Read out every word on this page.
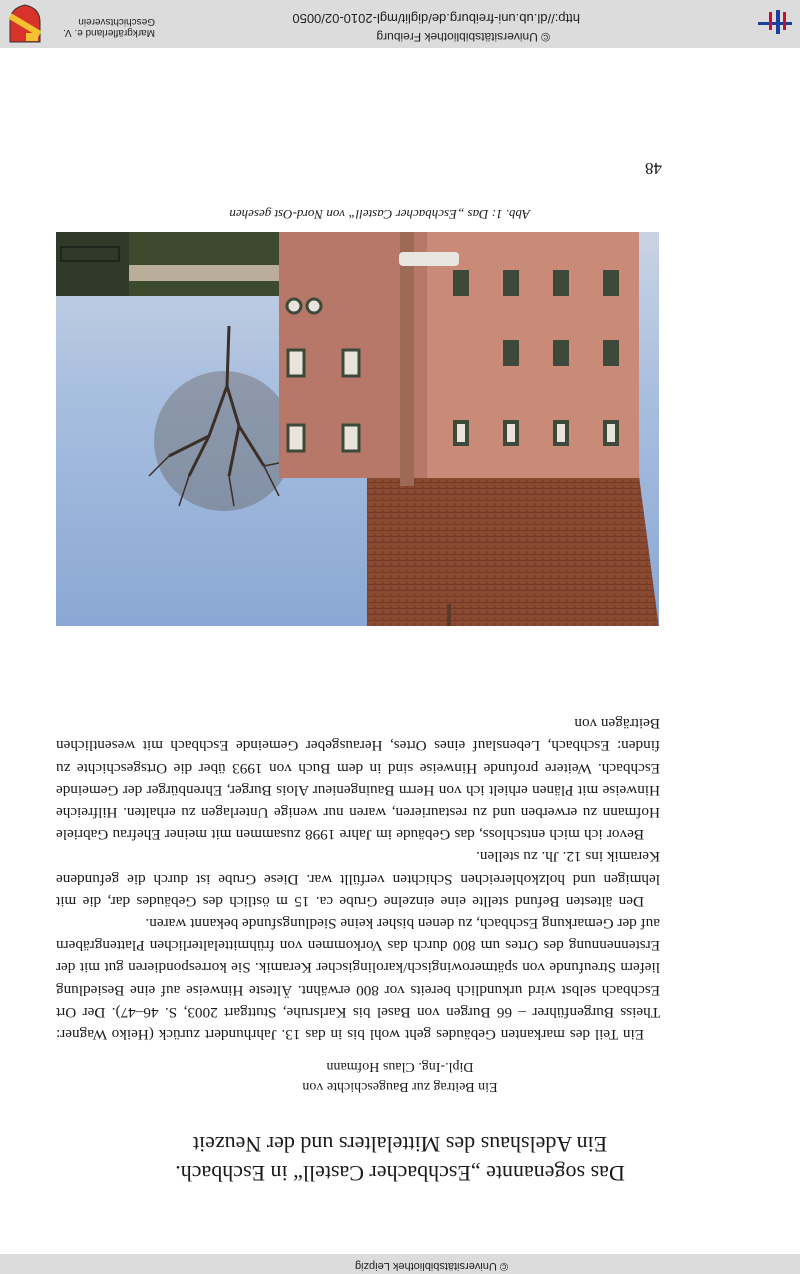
© Universitätsbibliothek Leipzig
Das sogenannte „Eschbacher Castell“ in Eschbach.
Ein Adelshaus des Mittelalters und der Neuzeit
Ein Beitrag zur Baugeschichte von
Dipl.-Ing. Claus Hofmann

Ein Teil des markanten Gebäudes geht wohl bis in das 13. Jahrhundert zurück (Heiko Wagner: Theiss Burgenführer – 66 Burgen von Basel bis Karlsruhe, Stuttgart 2003, S. 46–47). Der Ort Eschbach selbst wird urkundlich bereits vor 800 erwähnt. Älteste Hinweise auf eine Besiedlung liefern Streufunde von spätmerowingisch/karolingischer Keramik. Sie korrespondieren gut mit der Erstennennung des Ortes um 800 durch das Vorkommen von frühmittelalterlichen Plattengräbern auf der Gemarkung Eschbach, zu denen bisher keine Siedlungsfunde bekannt waren.

Den ältesten Befund stellte eine einzelne Grube ca. 15 m östlich des Gebäudes dar, die mit lehmigen und holzkohlereichen Schichten verfüllt war. Diese Grube ist durch die gefundene Keramik ins 12. Jh. zu stellen.

Bevor ich mich entschloss, das Gebäude im Jahre 1998 zusammen mit meiner Ehefrau Gabriele Hofmann zu erwerben und zu restaurieren, waren nur wenige Unterlagen zu erhalten. Hilfreiche Hinweise mit Plänen erhielt ich von Herrn Bauingenieur Alois Burger, Ehrenbürger der Gemeinde Eschbach. Weitere profunde Hinweise sind in dem Buch von 1993 über die Ortsgeschichte zu finden: Eschbach, Lebenslauf eines Ortes, Herausgeber Gemeinde Eschbach mit wesentlichen Beiträgen von

Abb. 1: Das „Eschbacher Castell“ von Nord-Ost gesehen
48
© Universitätsbibliothek Freiburg
http://dl.ub.uni-freiburg.de/diglit/mgl-2010-02/0050
Markgräflerland e. V.
Geschichtsverein
